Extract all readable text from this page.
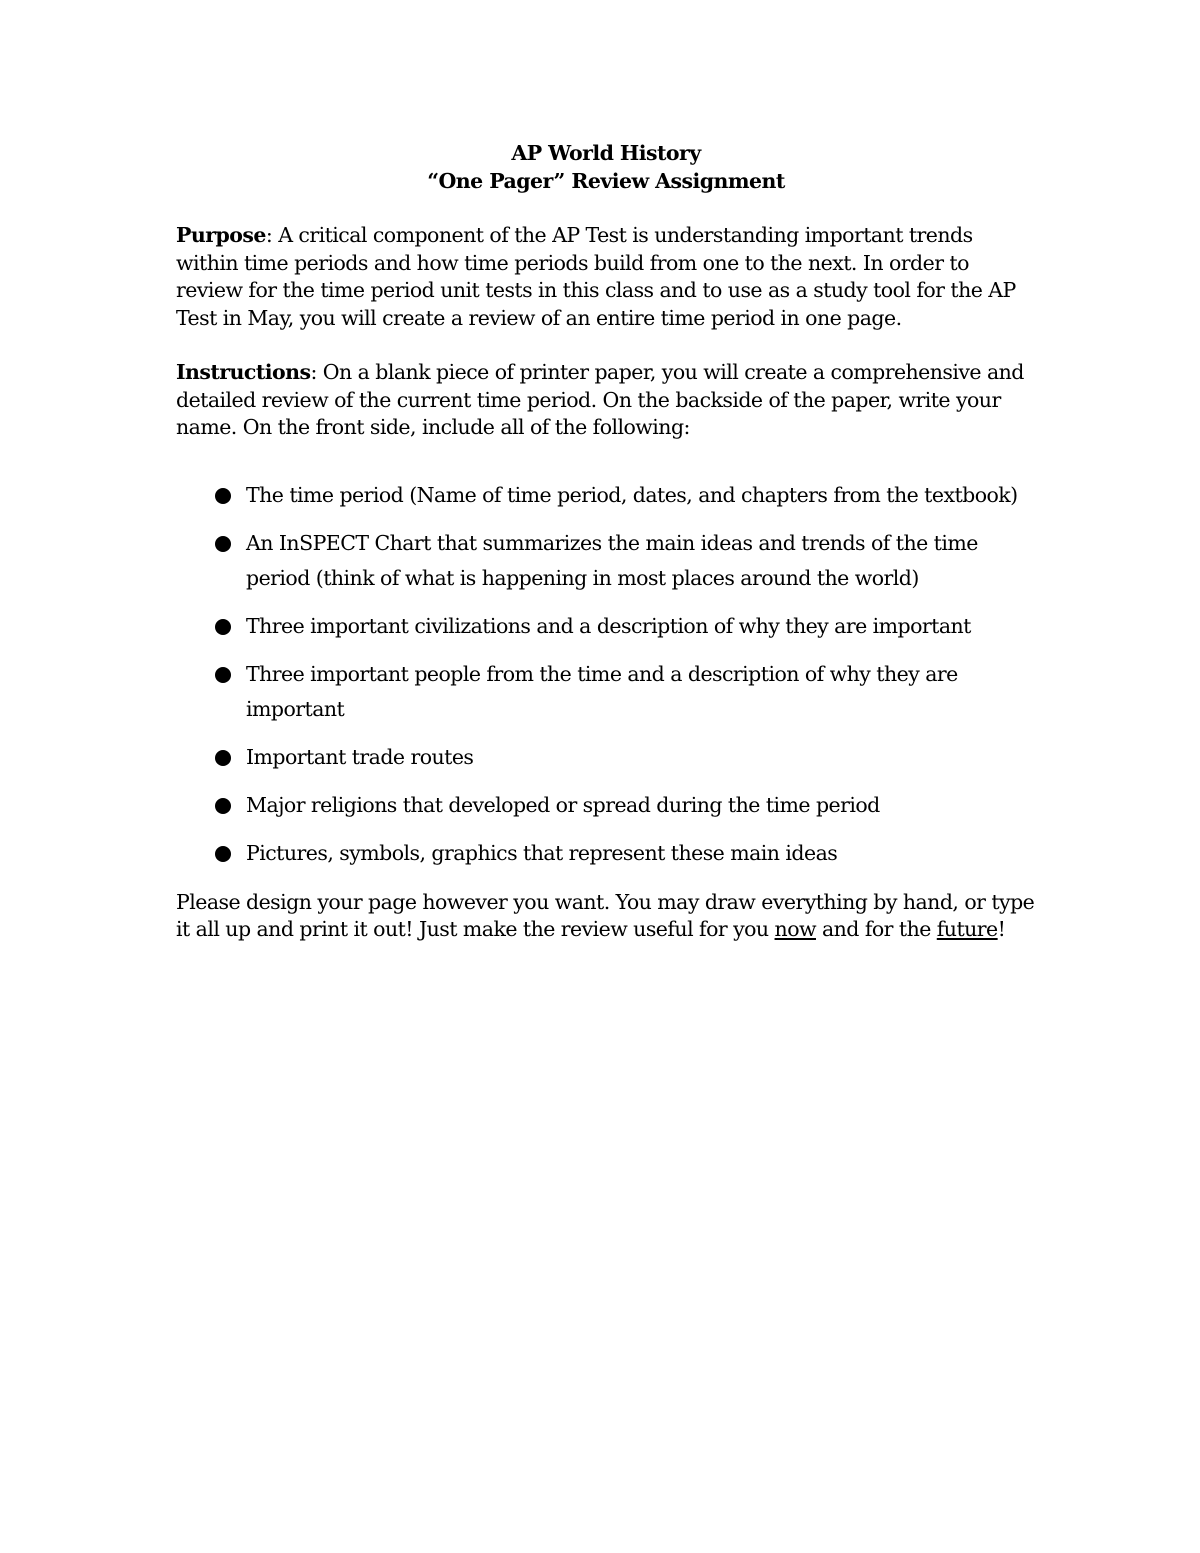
AP World History
“One Pager” Review Assignment

Purpose: A critical component of the AP Test is understanding important trends within time periods and how time periods build from one to the next. In order to review for the time period unit tests in this class and to use as a study tool for the AP Test in May, you will create a review of an entire time period in one page.

Instructions: On a blank piece of printer paper, you will create a comprehensive and detailed review of the current time period. On the backside of the paper, write your name. On the front side, include all of the following:

The time period (Name of time period, dates, and chapters from the textbook)
An InSPECT Chart that summarizes the main ideas and trends of the time period (think of what is happening in most places around the world)
Three important civilizations and a description of why they are important
Three important people from the time and a description of why they are important
Important trade routes
Major religions that developed or spread during the time period
Pictures, symbols, graphics that represent these main ideas

Please design your page however you want. You may draw everything by hand, or type it all up and print it out! Just make the review useful for you now and for the future!
